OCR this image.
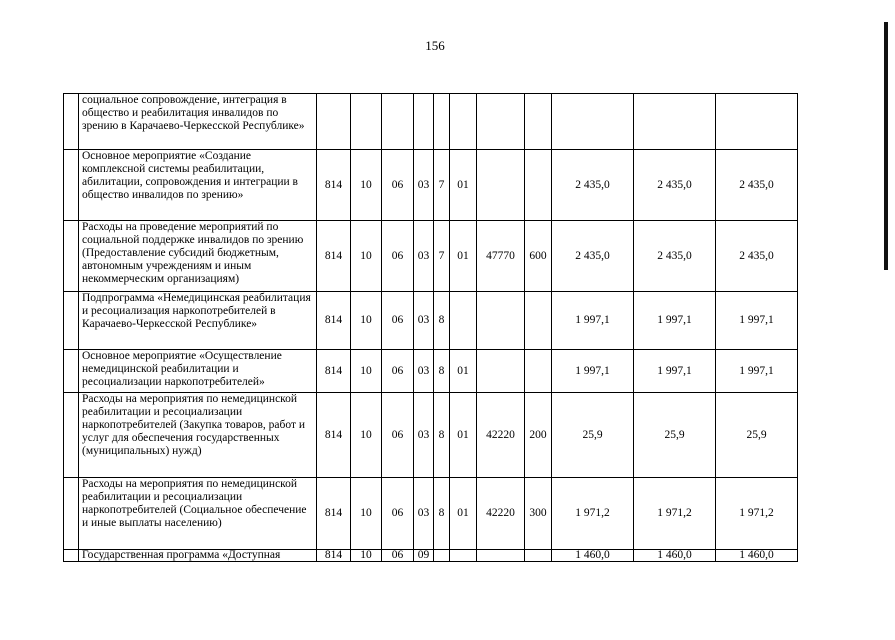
156
	социальное сопровождение, интеграция в общество и реабилитация инвалидов по зрению в Карачаево-Черкесской Республике»											
	Основное мероприятие «Создание комплексной системы реабилитации, абилитации, сопровождения и интеграции в общество инвалидов по зрению»	814	10	06	03	7	01			2 435,0	2 435,0	2 435,0
	Расходы на проведение мероприятий по социальной поддержке инвалидов по зрению (Предоставление субсидий бюджетным, автономным учреждениям и иным некоммерческим организациям)	814	10	06	03	7	01	47770	600	2 435,0	2 435,0	2 435,0
	Подпрограмма «Немедицинская реабилитация и ресоциализация наркопотребителей в Карачаево-Черкесской Республике»	814	10	06	03	8				1 997,1	1 997,1	1 997,1
	Основное мероприятие «Осуществление немедицинской реабилитации и ресоциализации наркопотребителей»	814	10	06	03	8	01			1 997,1	1 997,1	1 997,1
	Расходы на мероприятия по немедицинской реабилитации и ресоциализации наркопотребителей (Закупка товаров, работ и услуг для обеспечения государственных (муниципальных) нужд)	814	10	06	03	8	01	42220	200	25,9	25,9	25,9
	Расходы на мероприятия по немедицинской реабилитации и ресоциализации наркопотребителей (Социальное обеспечение и иные выплаты населению)	814	10	06	03	8	01	42220	300	1 971,2	1 971,2	1 971,2
	Государственная программа «Доступная	814	10	06	09					1 460,0	1 460,0	1 460,0
